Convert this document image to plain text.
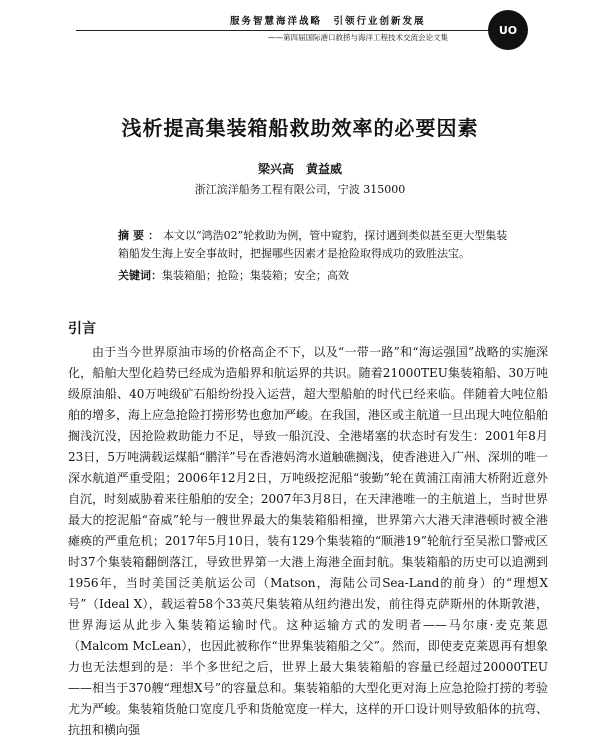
服务智慧海洋战略　引领行业创新发展
——第四届国际港口救捞与海洋工程技术交流会论文集
UO
浅析提高集装箱船救助效率的必要因素
梁兴高　黄益威
浙江滨洋船务工程有限公司，宁波 315000
摘要：本文以“鸿浩02”轮救助为例，管中窥豹，探讨遇到类似甚至更大型集装箱船发生海上安全事故时，把握哪些因素才是抢险取得成功的致胜法宝。
关键词：集装箱船；抢险；集装箱；安全；高效
引言
由于当今世界原油市场的价格高企不下，以及“一带一路”和“海运强国”战略的实施深化，船舶大型化趋势已经成为造船界和航运界的共识。随着21000TEU集装箱船、30万吨级原油船、40万吨级矿石船纷纷投入运营，超大型船舶的时代已经来临。伴随着大吨位船舶的增多，海上应急抢险打捞形势也愈加严峻。在我国，港区或主航道一旦出现大吨位船舶搁浅沉没，因抢险救助能力不足，导致一船沉没、全港堵塞的状态时有发生：2001年8月23日，5万吨满载运煤船“鹏洋”号在香港妈湾水道触礁搁浅，使香港进入广州、深圳的唯一深水航道严重受阻；2006年12月2日，万吨级挖泥船“骏勤”轮在黄浦江南浦大桥附近意外自沉，时刻威胁着来往船舶的安全；2007年3月8日，在天津港唯一的主航道上，当时世界最大的挖泥船“奋威”轮与一艘世界最大的集装箱船相撞，世界第六大港天津港顿时被全港瘫痪的严重危机；2017年5月10日，装有129个集装箱的“顺港19”轮航行至吴淞口警戒区时37个集装箱翻倒落江，导致世界第一大港上海港全面封航。集装箱船的历史可以追溯到1956年，当时美国泛美航运公司（Matson，海陆公司Sea-Land的前身）的“理想X号”（Ideal X），载运着58个33英尺集装箱从纽约港出发，前往得克萨斯州的休斯敦港，世界海运从此步入集装箱运输时代。这种运输方式的发明者——马尔康·麦克莱恩（Malcom McLean），也因此被称作“世界集装箱船之父”。然而，即使麦克莱恩再有想象力也无法想到的是：半个多世纪之后，世界上最大集装箱船的容量已经超过20000TEU——相当于370艘“理想X号”的容量总和。集装箱船的大型化更对海上应急抢险打捞的考验尤为严峻。集装箱货舱口宽度几乎和货舱宽度一样大，这样的开口设计则导致船体的抗弯、抗扭和横向强
